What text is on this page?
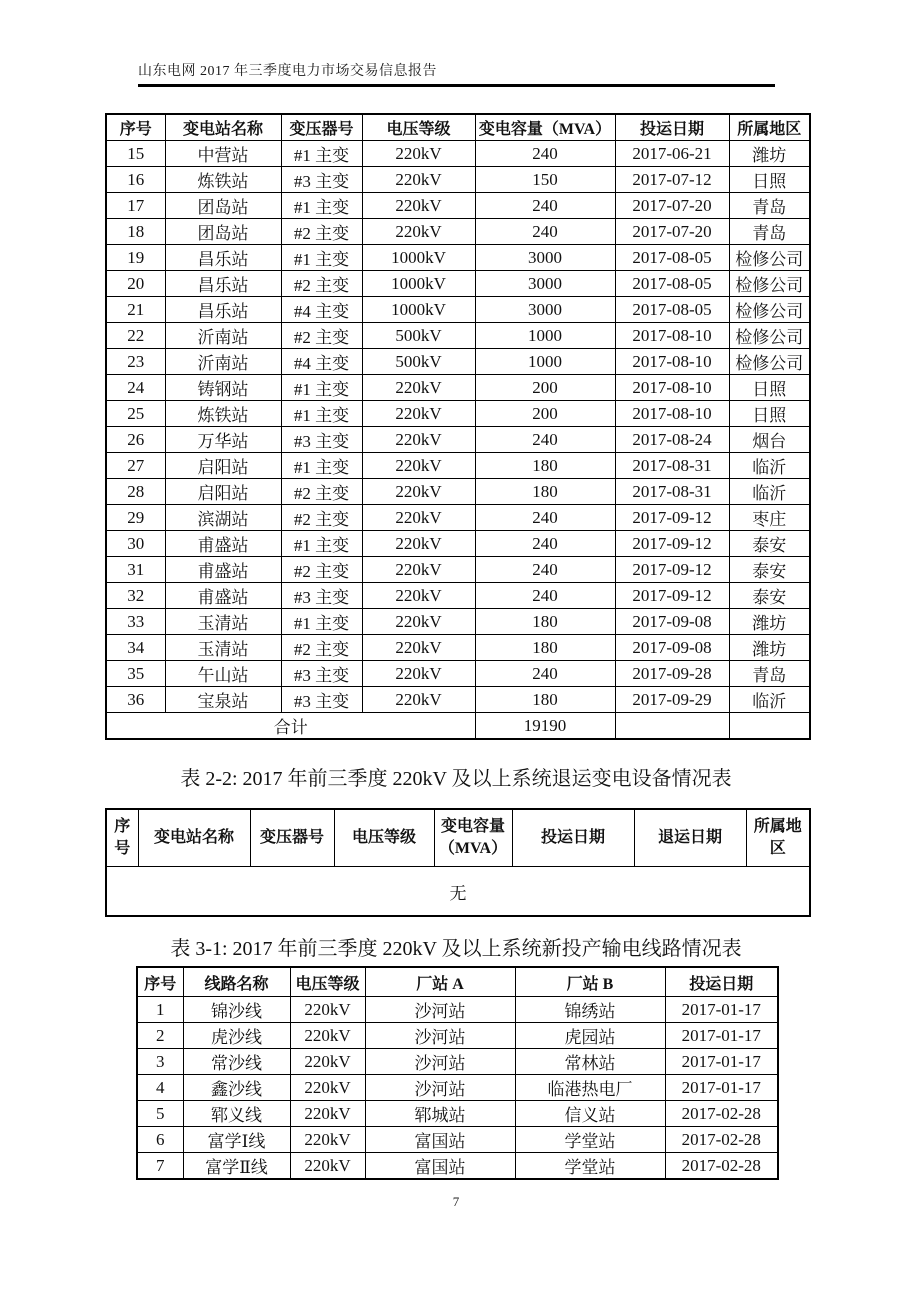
山东电网 2017 年三季度电力市场交易信息报告
序号	变电站名称	变压器号	电压等级	变电容量（MVA）	投运日期	所属地区
15	中营站	#1 主变	220kV	240	2017-06-21	潍坊
16	炼铁站	#3 主变	220kV	150	2017-07-12	日照
17	团岛站	#1 主变	220kV	240	2017-07-20	青岛
18	团岛站	#2 主变	220kV	240	2017-07-20	青岛
19	昌乐站	#1 主变	1000kV	3000	2017-08-05	检修公司
20	昌乐站	#2 主变	1000kV	3000	2017-08-05	检修公司
21	昌乐站	#4 主变	1000kV	3000	2017-08-05	检修公司
22	沂南站	#2 主变	500kV	1000	2017-08-10	检修公司
23	沂南站	#4 主变	500kV	1000	2017-08-10	检修公司
24	铸钢站	#1 主变	220kV	200	2017-08-10	日照
25	炼铁站	#1 主变	220kV	200	2017-08-10	日照
26	万华站	#3 主变	220kV	240	2017-08-24	烟台
27	启阳站	#1 主变	220kV	180	2017-08-31	临沂
28	启阳站	#2 主变	220kV	180	2017-08-31	临沂
29	滨湖站	#2 主变	220kV	240	2017-09-12	枣庄
30	甫盛站	#1 主变	220kV	240	2017-09-12	泰安
31	甫盛站	#2 主变	220kV	240	2017-09-12	泰安
32	甫盛站	#3 主变	220kV	240	2017-09-12	泰安
33	玉清站	#1 主变	220kV	180	2017-09-08	潍坊
34	玉清站	#2 主变	220kV	180	2017-09-08	潍坊
35	午山站	#3 主变	220kV	240	2017-09-28	青岛
36	宝泉站	#3 主变	220kV	180	2017-09-29	临沂
合计				19190		
表 2-2: 2017 年前三季度 220kV 及以上系统退运变电设备情况表
序号	变电站名称	变压器号	电压等级	变电容量（MVA）	投运日期	退运日期	所属地区
无
表 3-1: 2017 年前三季度 220kV 及以上系统新投产输电线路情况表
序号	线路名称	电压等级	厂站 A	厂站 B	投运日期
1	锦沙线	220kV	沙河站	锦绣站	2017-01-17
2	虎沙线	220kV	沙河站	虎园站	2017-01-17
3	常沙线	220kV	沙河站	常林站	2017-01-17
4	鑫沙线	220kV	沙河站	临港热电厂	2017-01-17
5	郓义线	220kV	郓城站	信义站	2017-02-28
6	富学Ⅰ线	220kV	富国站	学堂站	2017-02-28
7	富学Ⅱ线	220kV	富国站	学堂站	2017-02-28
7
